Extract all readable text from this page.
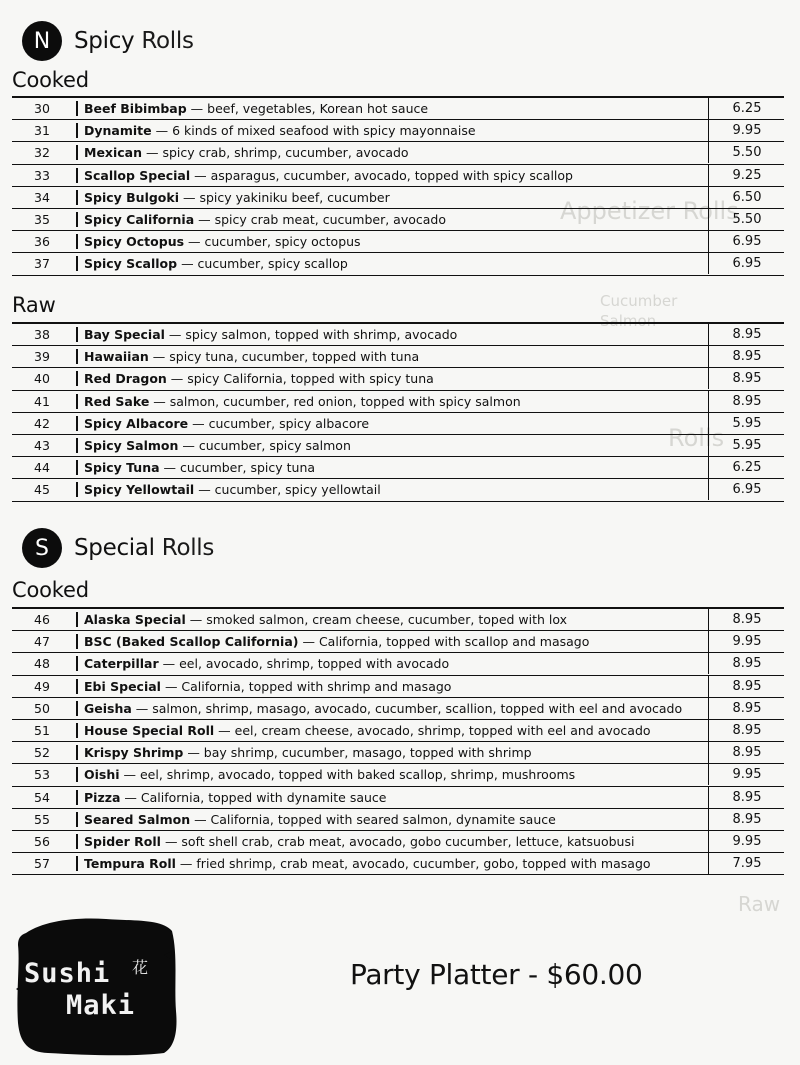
Appetizer Rolls
Cucumber
Salmon
Rolls
Raw
N	Spicy Rolls
Cooked
30	Beef Bibimbap — beef, vegetables, Korean hot sauce	6.25
31	Dynamite — 6 kinds of mixed seafood with spicy mayonnaise	9.95
32	Mexican — spicy crab, shrimp, cucumber, avocado	5.50
33	Scallop Special — asparagus, cucumber, avocado, topped with spicy scallop	9.25
34	Spicy Bulgoki — spicy yakiniku beef, cucumber	6.50
35	Spicy California — spicy crab meat, cucumber, avocado	5.50
36	Spicy Octopus — cucumber, spicy octopus	6.95
37	Spicy Scallop — cucumber, spicy scallop	6.95
Raw
38	Bay Special — spicy salmon, topped with shrimp, avocado	8.95
39	Hawaiian — spicy tuna, cucumber, topped with tuna	8.95
40	Red Dragon — spicy California, topped with spicy tuna	8.95
41	Red Sake — salmon, cucumber, red onion, topped with spicy salmon	8.95
42	Spicy Albacore — cucumber, spicy albacore	5.95
43	Spicy Salmon — cucumber, spicy salmon	5.95
44	Spicy Tuna — cucumber, spicy tuna	6.25
45	Spicy Yellowtail — cucumber, spicy yellowtail	6.95
S	Special Rolls
Cooked
46	Alaska Special — smoked salmon, cream cheese, cucumber, toped with lox	8.95
47	BSC (Baked Scallop California) — California, topped with scallop and masago	9.95
48	Caterpillar — eel, avocado, shrimp, topped with avocado	8.95
49	Ebi Special — California, topped with shrimp and masago	8.95
50	Geisha — salmon, shrimp, masago, avocado, cucumber, scallion, topped with eel and avocado	8.95
51	House Special Roll — eel, cream cheese, avocado, shrimp, topped with eel and avocado	8.95
52	Krispy Shrimp — bay shrimp, cucumber, masago, topped with shrimp	8.95
53	Oishi — eel, shrimp, avocado, topped with baked scallop, shrimp, mushrooms	9.95
54	Pizza — California, topped with dynamite sauce	8.95
55	Seared Salmon — California, topped with seared salmon, dynamite sauce	8.95
56	Spider Roll — soft shell crab, crab meat, avocado, gobo cucumber, lettuce, katsuobusi	9.95
57	Tempura Roll — fried shrimp, crab meat, avocado, cucumber, gobo, topped with masago	7.95
花
Sushi
Maki
Party Platter - $60.00
